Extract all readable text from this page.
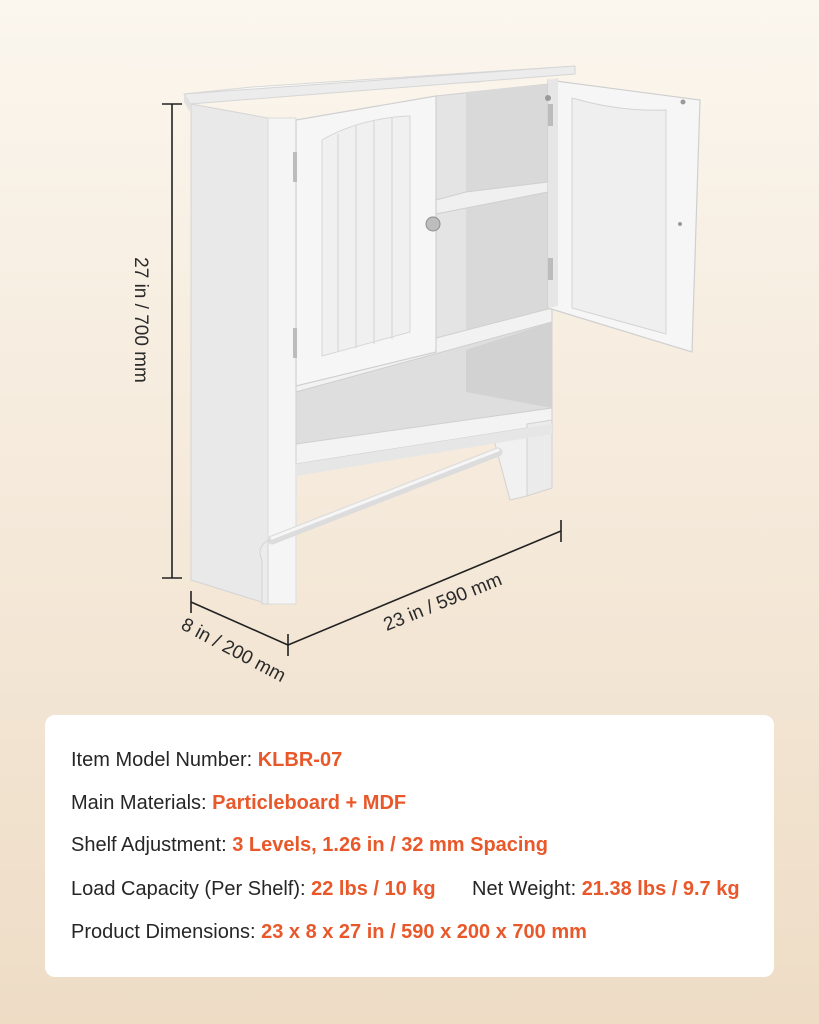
27 in / 700 mm
23 in / 590 mm
8 in / 200 mm
Item Model Number: KLBR-07
Main Materials: Particleboard + MDF
Shelf Adjustment: 3 Levels, 1.26 in / 32 mm Spacing
Load Capacity (Per Shelf): 22 lbs / 10 kg Net Weight: 21.38 lbs / 9.7 kg
Product Dimensions: 23 x 8 x 27 in / 590 x 200 x 700 mm
